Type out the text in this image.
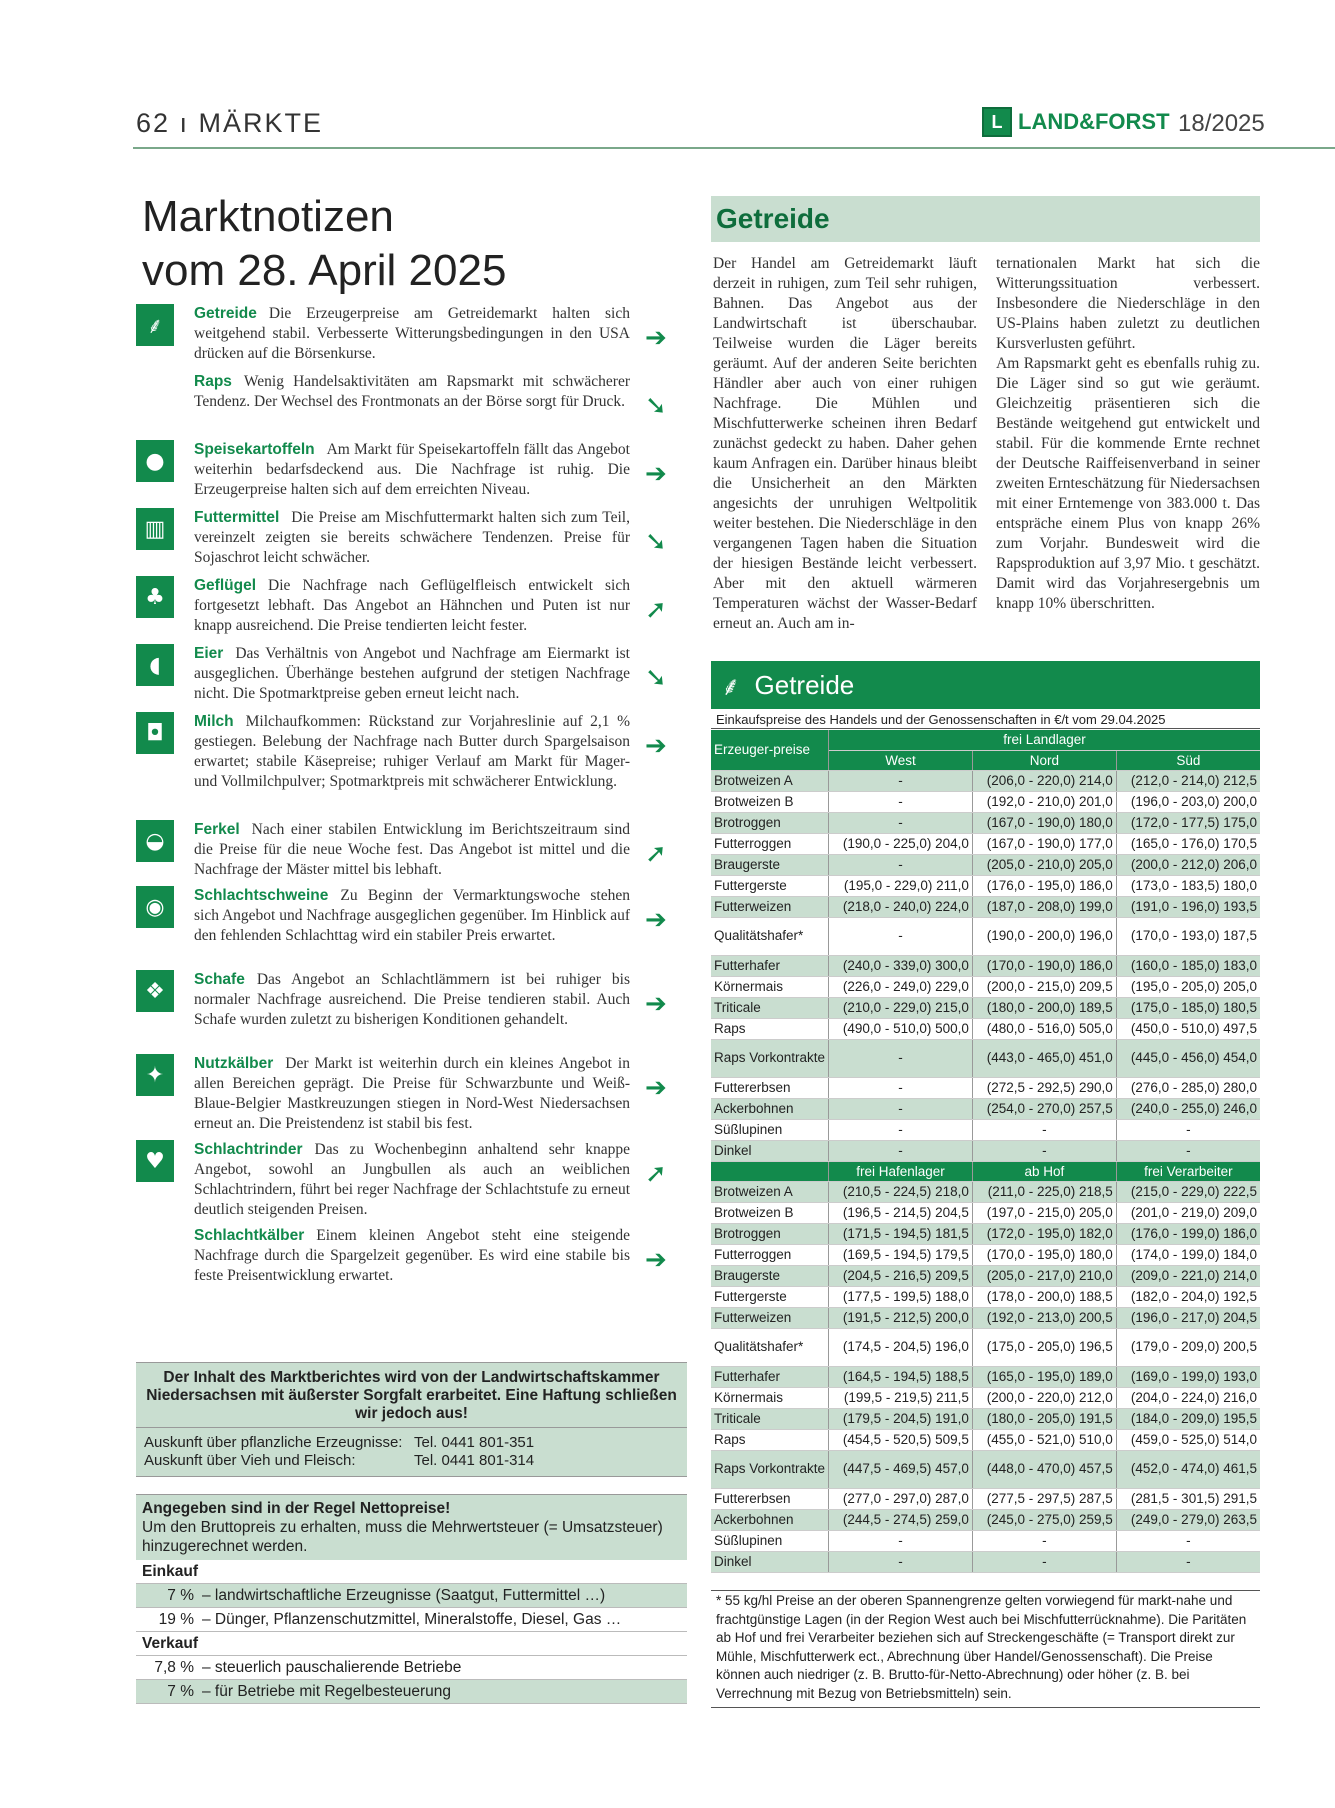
62 ı MÄRKTE	L LAND&FORST 18/2025
Marktnotizen
vom 28. April 2025
⸙
Getreide Die Erzeugerpreise am Getreidemarkt halten sich weitgehend stabil. Verbesserte Witterungsbedingungen in den USA drücken auf die Börsenkurse.
Raps Wenig Handelsaktivitäten am Rapsmarkt mit schwächerer Tendenz. Der Wechsel des Frontmonats an der Börse sorgt für Druck.
●	Speisekartoffeln Am Markt für Speisekartoffeln fällt das Angebot weiterhin bedarfsdeckend aus. Die Nachfrage ist ruhig. Die Erzeugerpreise halten sich auf dem erreichten Niveau.
▥	Futtermittel Die Preise am Mischfuttermarkt halten sich zum Teil, vereinzelt zeigten sie bereits schwächere Tendenzen. Preise für Sojaschrot leicht schwächer.
♣	Geflügel Die Nachfrage nach Geflügelfleisch entwickelt sich fortgesetzt lebhaft. Das Angebot an Hähnchen und Puten ist nur knapp ausreichend. Die Preise tendierten leicht fester.
◖	Eier Das Verhältnis von Angebot und Nachfrage am Eiermarkt ist ausgeglichen. Überhänge bestehen aufgrund der stetigen Nachfrage nicht. Die Spotmarktpreise geben erneut leicht nach.
◘	Milch Milchaufkommen: Rückstand zur Vorjahreslinie auf 2,1 % gestiegen. Belebung der Nachfrage nach Butter durch Spargelsaison erwartet; stabile Käsepreise; ruhiger Verlauf am Markt für Mager- und Vollmilchpulver; Spotmarktpreis mit schwächerer Entwicklung.
◒	Ferkel Nach einer stabilen Entwicklung im Berichtszeitraum sind die Preise für die neue Woche fest. Das Angebot ist mittel und die Nachfrage der Mäster mittel bis lebhaft.
◉	Schlachtschweine Zu Beginn der Vermarktungswoche stehen sich Angebot und Nachfrage ausgeglichen gegenüber. Im Hinblick auf den fehlenden Schlachttag wird ein stabiler Preis erwartet.
❖	Schafe Das Angebot an Schlachtlämmern ist bei ruhiger bis normaler Nachfrage ausreichend. Die Preise tendieren stabil. Auch Schafe wurden zuletzt zu bisherigen Konditionen gehandelt.
✦	Nutzkälber Der Markt ist weiterhin durch ein kleines Angebot in allen Bereichen geprägt. Die Preise für Schwarzbunte und Weiß-Blaue-Belgier Mastkreuzungen stiegen in Nord-West Niedersachsen erneut an. Die Preistendenz ist stabil bis fest.
♥	Schlachtrinder Das zu Wochenbeginn anhaltend sehr knappe Angebot, sowohl an Jungbullen als auch an weiblichen Schlachtrindern, führt bei reger Nachfrage der Schlachtstufe zu erneut deutlich steigenden Preisen.
Schlachtkälber Einem kleinen Angebot steht eine steigende Nachfrage durch die Spargelzeit gegenüber. Es wird eine stabile bis feste Preisentwicklung erwartet.
➔
➘
➔
➘
➚
➘
➔
➚
➔
➔
➔
➚
➔
Der Inhalt des Marktberichtes wird von der Landwirtschaftskammer Niedersachsen mit äußerster Sorgfalt erarbeitet. Eine Haftung schließen wir jedoch aus!
Auskunft über pflanzliche Erzeugnisse: Tel. 0441 801-351
Auskunft über Vieh und Fleisch:	Tel. 0441 801-314
Angegeben sind in der Regel Nettopreise!
Um den Bruttopreis zu erhalten, muss die Mehrwertsteuer (= Umsatzsteuer) hinzugerechnet werden.
Einkauf
7 % – landwirtschaftliche Erzeugnisse (Saatgut, Futtermittel …)
19 % – Dünger, Pflanzenschutzmittel, Mineralstoffe, Diesel, Gas …
Verkauf
7,8 % – steuerlich pauschalierende Betriebe
7 % – für Betriebe mit Regelbesteuerung
Getreide
Der Handel am Getreidemarkt läuft derzeit in ruhigen, zum Teil sehr ruhigen, Bahnen. Das Angebot aus der Landwirtschaft ist überschaubar. Teilweise wurden die Läger bereits geräumt. Auf der anderen Seite berichten Händler aber auch von einer ruhigen Nachfrage. Die Mühlen und Mischfutterwerke scheinen ihren Bedarf zunächst gedeckt zu haben. Daher gehen kaum Anfragen ein. Darüber hinaus bleibt die Unsicherheit an den Märkten angesichts der unruhigen Weltpolitik weiter bestehen. Die Niederschläge in den vergangenen Tagen haben die Situation der hiesigen Bestände leicht verbessert. Aber mit den aktuell wärmeren Temperaturen wächst der Wasser-Bedarf erneut an. Auch am in-
ternationalen Markt hat sich die Witterungssituation verbessert. Insbesondere die Niederschläge in den US-Plains haben zuletzt zu deutlichen Kursverlusten geführt.
Am Rapsmarkt geht es ebenfalls ruhig zu. Die Läger sind so gut wie geräumt. Gleichzeitig präsentieren sich die Bestände weitgehend gut entwickelt und stabil. Für die kommende Ernte rechnet der Deutsche Raiffeisenverband in seiner zweiten Ernteschätzung für Niedersachsen mit einer Erntemenge von 383.000 t. Das entspräche einem Plus von knapp 26% zum Vorjahr. Bundesweit wird die Rapsproduktion auf 3,97 Mio. t geschätzt. Damit wird das Vorjahresergebnis um knapp 10% überschritten.
⸙ Getreide
Einkaufspreise des Handels und der Genossenschaften in €/t vom 29.04.2025
Erzeuger-preise	frei Landlager		
	West	Nord	Süd
Brotweizen A	-	(206,0 - 220,0) 214,0	(212,0 - 214,0) 212,5
Brotweizen B	-	(192,0 - 210,0) 201,0	(196,0 - 203,0) 200,0
Brotroggen	-	(167,0 - 190,0) 180,0	(172,0 - 177,5) 175,0
Futterroggen	(190,0 - 225,0) 204,0	(167,0 - 190,0) 177,0	(165,0 - 176,0) 170,5
Braugerste	-	(205,0 - 210,0) 205,0	(200,0 - 212,0) 206,0
Futtergerste	(195,0 - 229,0) 211,0	(176,0 - 195,0) 186,0	(173,0 - 183,5) 180,0
Futterweizen	(218,0 - 240,0) 224,0	(187,0 - 208,0) 199,0	(191,0 - 196,0) 193,5
Qualitätshafer*	-	(190,0 - 200,0) 196,0	(170,0 - 193,0) 187,5
Futterhafer	(240,0 - 339,0) 300,0	(170,0 - 190,0) 186,0	(160,0 - 185,0) 183,0
Körnermais	(226,0 - 249,0) 229,0	(200,0 - 215,0) 209,5	(195,0 - 205,0) 205,0
Triticale	(210,0 - 229,0) 215,0	(180,0 - 200,0) 189,5	(175,0 - 185,0) 180,5
Raps	(490,0 - 510,0) 500,0	(480,0 - 516,0) 505,0	(450,0 - 510,0) 497,5
Raps Vorkontrakte	-	(443,0 - 465,0) 451,0	(445,0 - 456,0) 454,0
Futtererbsen	-	(272,5 - 292,5) 290,0	(276,0 - 285,0) 280,0
Ackerbohnen	-	(254,0 - 270,0) 257,5	(240,0 - 255,0) 246,0
Süßlupinen	-	-	-
Dinkel	-	-	-
	frei Hafenlager	ab Hof	frei Verarbeiter
Brotweizen A	(210,5 - 224,5) 218,0	(211,0 - 225,0) 218,5	(215,0 - 229,0) 222,5
Brotweizen B	(196,5 - 214,5) 204,5	(197,0 - 215,0) 205,0	(201,0 - 219,0) 209,0
Brotroggen	(171,5 - 194,5) 181,5	(172,0 - 195,0) 182,0	(176,0 - 199,0) 186,0
Futterroggen	(169,5 - 194,5) 179,5	(170,0 - 195,0) 180,0	(174,0 - 199,0) 184,0
Braugerste	(204,5 - 216,5) 209,5	(205,0 - 217,0) 210,0	(209,0 - 221,0) 214,0
Futtergerste	(177,5 - 199,5) 188,0	(178,0 - 200,0) 188,5	(182,0 - 204,0) 192,5
Futterweizen	(191,5 - 212,5) 200,0	(192,0 - 213,0) 200,5	(196,0 - 217,0) 204,5
Qualitätshafer*	(174,5 - 204,5) 196,0	(175,0 - 205,0) 196,5	(179,0 - 209,0) 200,5
Futterhafer	(164,5 - 194,5) 188,5	(165,0 - 195,0) 189,0	(169,0 - 199,0) 193,0
Körnermais	(199,5 - 219,5) 211,5	(200,0 - 220,0) 212,0	(204,0 - 224,0) 216,0
Triticale	(179,5 - 204,5) 191,0	(180,0 - 205,0) 191,5	(184,0 - 209,0) 195,5
Raps	(454,5 - 520,5) 509,5	(455,0 - 521,0) 510,0	(459,0 - 525,0) 514,0
Raps Vorkontrakte	(447,5 - 469,5) 457,0	(448,0 - 470,0) 457,5	(452,0 - 474,0) 461,5
Futtererbsen	(277,0 - 297,0) 287,0	(277,5 - 297,5) 287,5	(281,5 - 301,5) 291,5
Ackerbohnen	(244,5 - 274,5) 259,0	(245,0 - 275,0) 259,5	(249,0 - 279,0) 263,5
Süßlupinen	-	-	-
Dinkel	-	-	-
* 55 kg/hl Preise an der oberen Spannengrenze gelten vorwiegend für markt-nahe und frachtgünstige Lagen (in der Region West auch bei Mischfutterrücknahme). Die Paritäten ab Hof und frei Verarbeiter beziehen sich auf Streckengeschäfte (= Transport direkt zur Mühle, Mischfutterwerk ect., Abrechnung über Handel/Genossenschaft). Die Preise können auch niedriger (z. B. Brutto-für-Netto-Abrechnung) oder höher (z. B. bei Verrechnung mit Bezug von Betriebsmitteln) sein.
